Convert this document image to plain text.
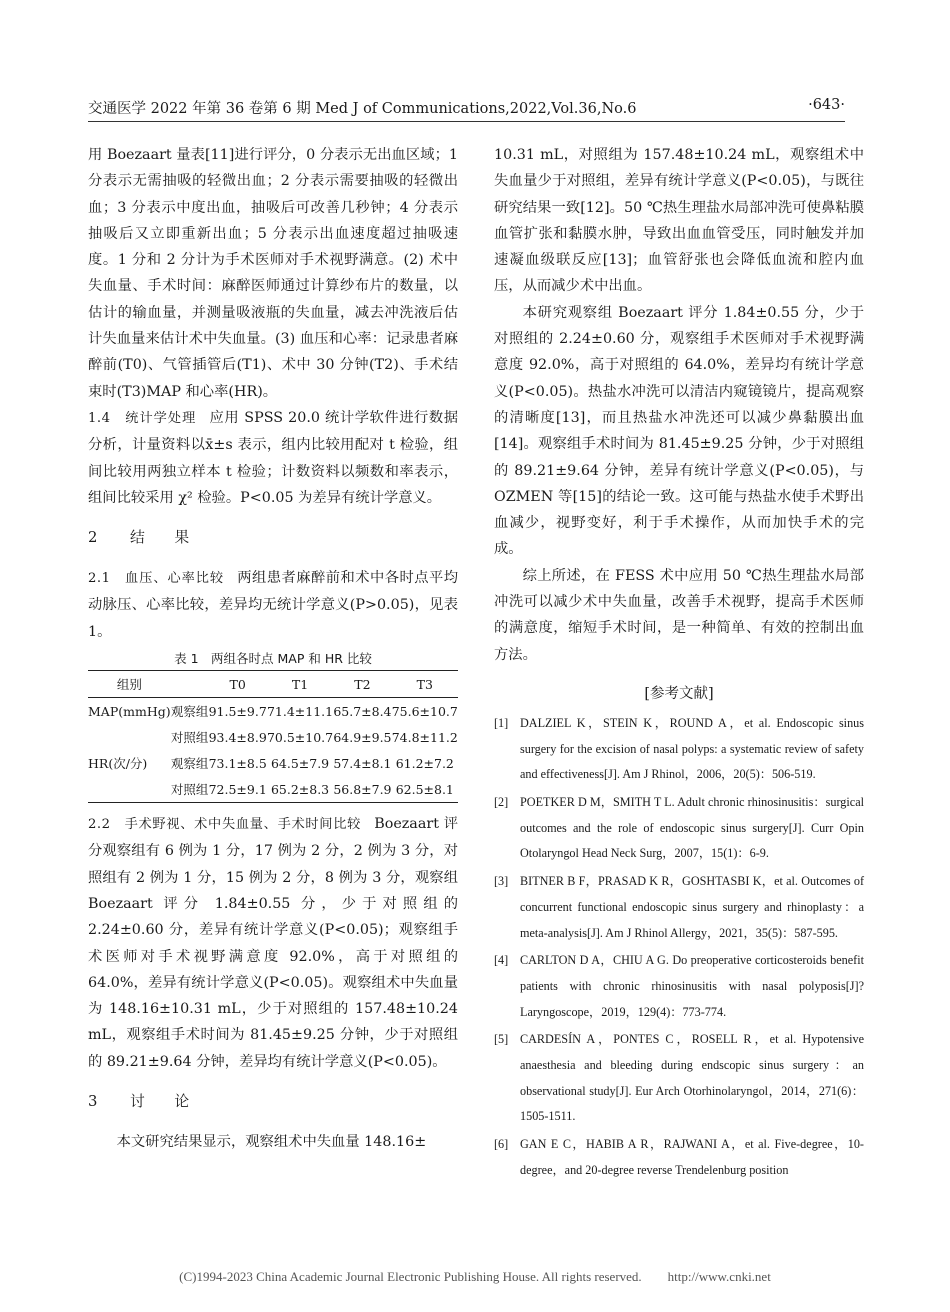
交通医学 2022 年第 36 卷第 6 期 Med J of Communications,2022,Vol.36,No.6	·643·

用 Boezaart 量表[11]进行评分，0 分表示无出血区域；1 分表示无需抽吸的轻微出血；2 分表示需要抽吸的轻微出血；3 分表示中度出血，抽吸后可改善几秒钟；4 分表示抽吸后又立即重新出血；5 分表示出血速度超过抽吸速度。1 分和 2 分计为手术医师对手术视野满意。(2) 术中失血量、手术时间：麻醉医师通过计算纱布片的数量，以估计的输血量，并测量吸液瓶的失血量，减去冲洗液后估计失血量来估计术中失血量。(3) 血压和心率：记录患者麻醉前(T0)、气管插管后(T1)、术中 30 分钟(T2)、手术结束时(T3)MAP 和心率(HR)。

1.4　统计学处理 应用 SPSS 20.0 统计学软件进行数据分析，计量资料以x̄±s 表示，组内比较用配对 t 检验，组间比较用两独立样本 t 检验；计数资料以频数和率表示，组间比较采用 χ² 检验。P<0.05 为差异有统计学意义。

2 结　　果

2.1　血压、心率比较 两组患者麻醉前和术中各时点平均动脉压、心率比较，差异均无统计学意义(P>0.05)，见表 1。

表 1　两组各时点 MAP 和 HR 比较
组别		T0	T1	T2	T3
MAP(mmHg)	观察组	91.5±9.7	71.4±11.1	65.7±8.4	75.6±10.7
	对照组	93.4±8.9	70.5±10.7	64.9±9.5	74.8±11.2
HR(次/分)	观察组	73.1±8.5	64.5±7.9	57.4±8.1	61.2±7.2
	对照组	72.5±9.1	65.2±8.3	56.8±7.9	62.5±8.1

2.2　手术野视、术中失血量、手术时间比较 Boezaart 评分观察组有 6 例为 1 分，17 例为 2 分，2 例为 3 分，对照组有 2 例为 1 分，15 例为 2 分，8 例为 3 分，观察组 Boezaart 评分 1.84±0.55 分，少于对照组的 2.24±0.60 分，差异有统计学意义(P<0.05)；观察组手术医师对手术视野满意度 92.0%，高于对照组的 64.0%，差异有统计学意义(P<0.05)。观察组术中失血量为 148.16±10.31 mL，少于对照组的 157.48±10.24 mL，观察组手术时间为 81.45±9.25 分钟，少于对照组的 89.21±9.64 分钟，差异均有统计学意义(P<0.05)。

3 讨　　论

本文研究结果显示，观察组术中失血量 148.16±

10.31 mL，对照组为 157.48±10.24 mL，观察组术中失血量少于对照组，差异有统计学意义(P<0.05)，与既往研究结果一致[12]。50 ℃热生理盐水局部冲洗可使鼻粘膜血管扩张和黏膜水肿，导致出血血管受压，同时触发并加速凝血级联反应[13]；血管舒张也会降低血流和腔内血压，从而减少术中出血。

本研究观察组 Boezaart 评分 1.84±0.55 分，少于对照组的 2.24±0.60 分，观察组手术医师对手术视野满意度 92.0%，高于对照组的 64.0%，差异均有统计学意义(P<0.05)。热盐水冲洗可以清洁内窥镜镜片，提高观察的清晰度[13]，而且热盐水冲洗还可以减少鼻黏膜出血[14]。观察组手术时间为 81.45±9.25 分钟，少于对照组的 89.21±9.64 分钟，差异有统计学意义(P<0.05)，与 OZMEN 等[15]的结论一致。这可能与热盐水使手术野出血减少，视野变好，利于手术操作，从而加快手术的完成。

综上所述，在 FESS 术中应用 50 ℃热生理盐水局部冲洗可以减少术中失血量，改善手术视野，提高手术医师的满意度，缩短手术时间，是一种简单、有效的控制出血方法。

[参考文献]

[1] DALZIEL K，STEIN K，ROUND A，et al. Endoscopic sinus surgery for the excision of nasal polyps: a systematic review of safety and effectiveness[J]. Am J Rhinol，2006，20(5)：506-519.

[2] POETKER D M，SMITH T L. Adult chronic rhinosinusitis：surgical outcomes and the role of endoscopic sinus surgery[J]. Curr Opin Otolaryngol Head Neck Surg，2007，15(1)：6-9.

[3] BITNER B F，PRASAD K R，GOSHTASBI K，et al. Outcomes of concurrent functional endoscopic sinus surgery and rhinoplasty：a meta-analysis[J]. Am J Rhinol Allergy，2021，35(5)：587-595.

[4] CARLTON D A，CHIU A G. Do preoperative corticosteroids benefit patients with chronic rhinosinusitis with nasal polyposis[J]? Laryngoscope，2019，129(4)：773-774.

[5] CARDESÍN A，PONTES C，ROSELL R，et al. Hypotensive anaesthesia and bleeding during endscopic sinus surgery：an observational study[J]. Eur Arch Otorhinolaryngol，2014，271(6)：1505-1511.

[6] GAN E C，HABIB A R，RAJWANI A，et al. Five-degree，10-degree，and 20-degree reverse Trendelenburg position

(C)1994-2023 China Academic Journal Electronic Publishing House. All rights reserved.　　http://www.cnki.net
